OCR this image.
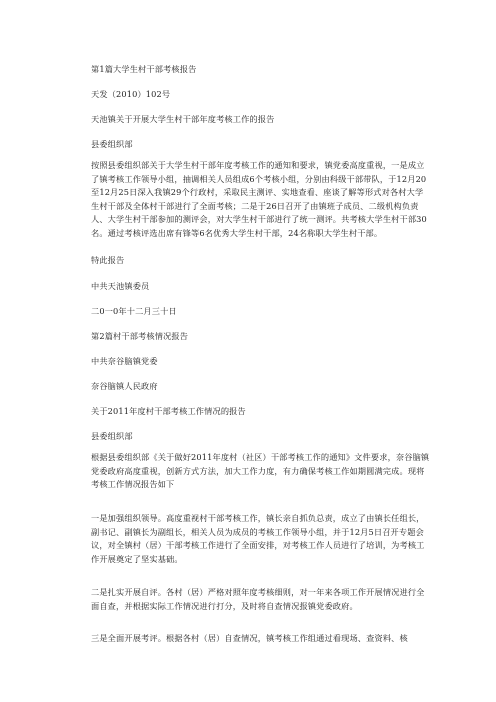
第1篇大学生村干部考核报告
天发（2010）102号
天池镇关于开展大学生村干部年度考核工作的报告
县委组织部
按照县委组织部关于大学生村干部年度考核工作的通知和要求，镇党委高度重视，一是成立了镇考核工作领导小组，抽调相关人员组成6个考核小组，分别由科级干部带队，于12月20至12月25日深入我镇29个行政村，采取民主测评、实地查看、座谈了解等形式对各村大学生村干部及全体村干部进行了全面考核；二是于26日召开了由镇班子成员、二级机构负责人、大学生村干部参加的测评会，对大学生村干部进行了统一测评。共考核大学生村干部30名。通过考核评选出席有锋等6名优秀大学生村干部，24名称职大学生村干部。
特此报告
中共天池镇委员
二0一0年十二月三十日
第2篇村干部考核情况报告
中共奈谷脑镇党委
奈谷脑镇人民政府
关于2011年度村干部考核工作情况的报告
县委组织部
根据县委组织部《关于做好2011年度村（社区）干部考核工作的通知》文件要求，奈谷脑镇党委政府高度重视，创新方式方法，加大工作力度，有力确保考核工作如期圆满完成。现将考核工作情况报告如下
一是加强组织领导。高度重视村干部考核工作，镇长亲自抓负总责，成立了由镇长任组长，副书记、副镇长为副组长，相关人员为成员的考核工作领导小组，并于12月5日召开专题会议，对全镇村（居）干部考核工作进行了全面安排，对考核工作人员进行了培训，为考核工作开展奠定了坚实基础。
二是扎实开展自评。各村（居）严格对照年度考核细则，对一年来各项工作开展情况进行全面自查，并根据实际工作情况进行打分，及时将自查情况报镇党委政府。
三是全面开展考评。根据各村（居）自查情况，镇考核工作组通过看现场、查资料、核
